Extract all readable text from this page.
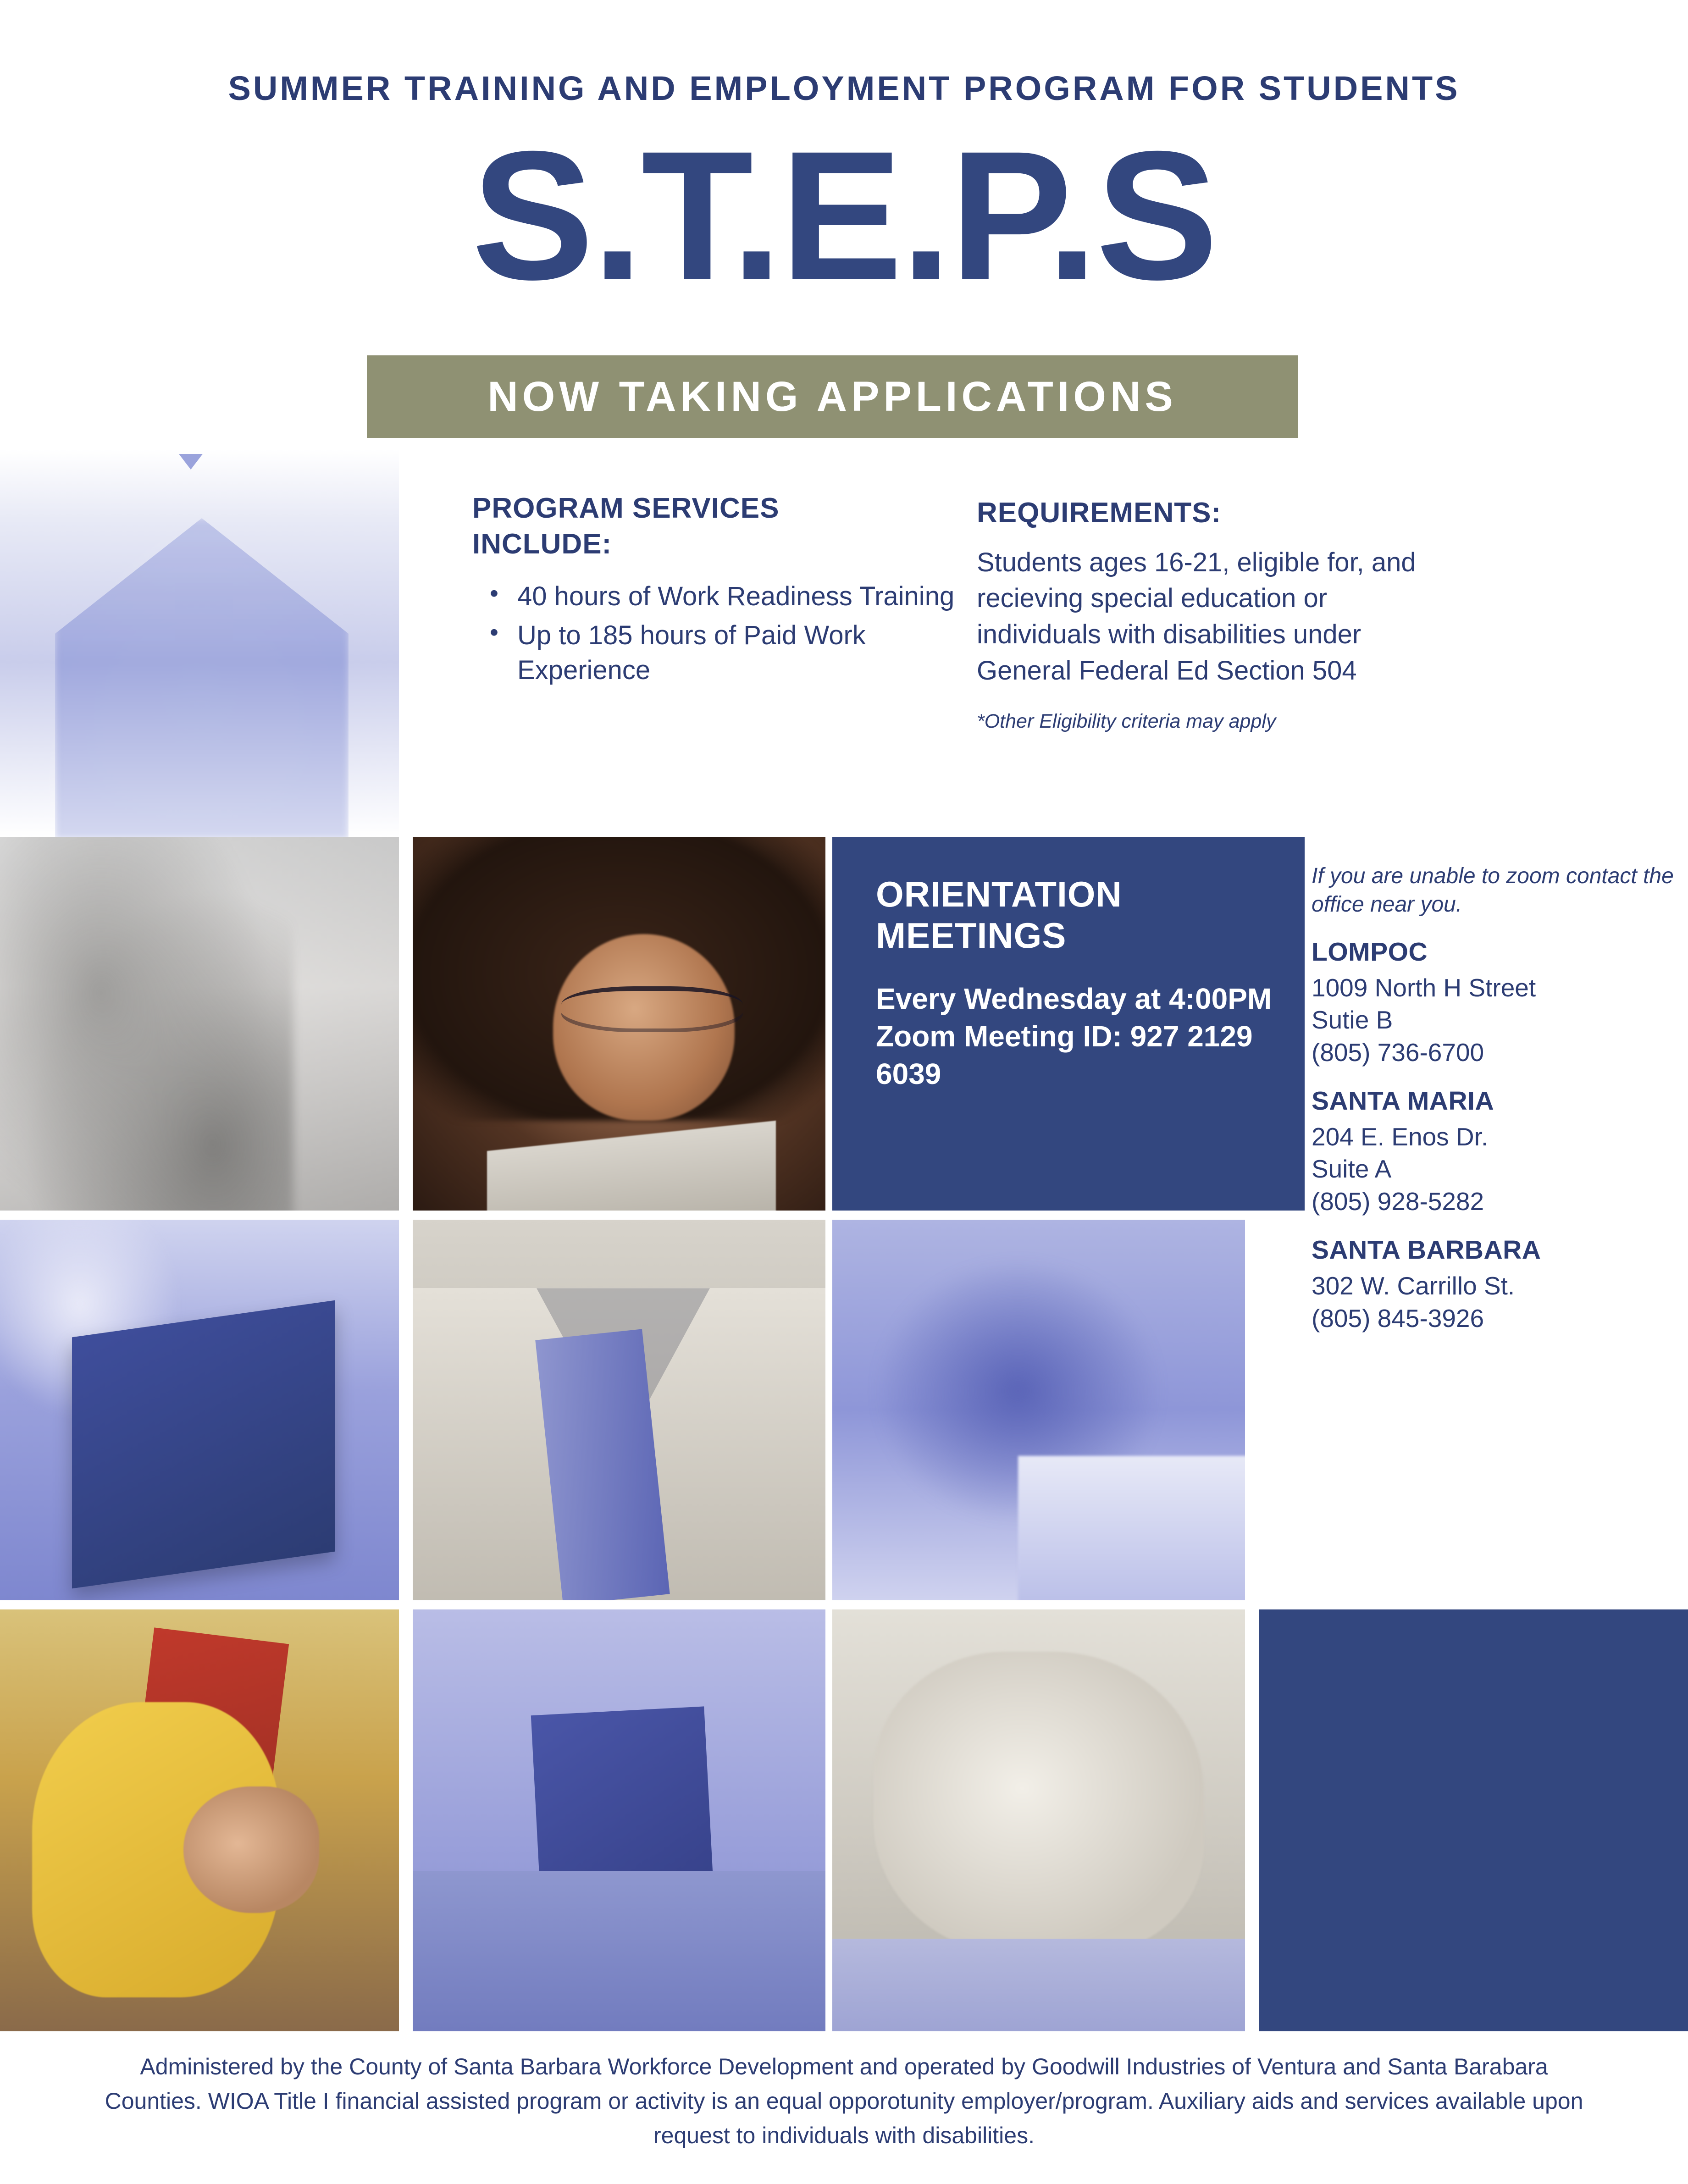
SUMMER TRAINING AND EMPLOYMENT PROGRAM FOR STUDENTS
S.T.E.P.S
NOW TAKING APPLICATIONS
PROGRAM SERVICES
INCLUDE:
• 40 hours of Work Readiness Training
• Up to 185 hours of Paid Work Experience
REQUIREMENTS:
Students ages 16-21, eligible for, and recieving special education or individuals with disabilities under General Federal Ed Section 504
*Other Eligibility criteria may apply
ORIENTATION
MEETINGS

Every Wednesday at 4:00PM Zoom Meeting ID: 927 2129 6039

If you are unable to zoom contact the office near you.
LOMPOC
1009 North H Street
Sutie B
(805) 736-6700
SANTA MARIA
204 E. Enos Dr.
Suite A
(805) 928-5282
SANTA BARBARA
302 W. Carrillo St.
(805) 845-3926
Administered by the County of Santa Barbara Workforce Development and operated by Goodwill Industries of Ventura and Santa Barabara Counties. WIOA Title I financial assisted program or activity is an equal opporotunity employer/program. Auxiliary aids and services available upon request to individuals with disabilities.
